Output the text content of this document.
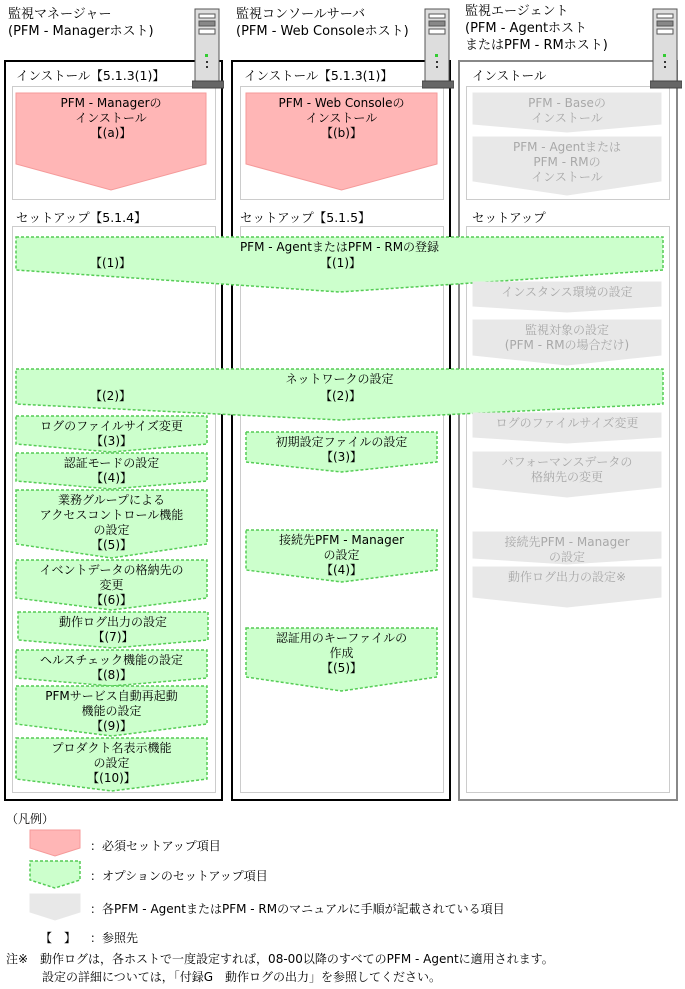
監視マネージャー
(PFM - Managerホスト)
監視コンソールサーバ
(PFM - Web Consoleホスト)
監視エージェント
(PFM - Agentホスト
またはPFM - RMホスト)
インストール【5.1.3(1)】	インストール【5.1.3(1)】	インストール
セットアップ【5.1.4】	セットアップ【5.1.5】	セットアップ
PFM - Managerの
インストール
【(a)】
PFM - Web Consoleの
インストール
【(b)】
PFM - Baseの
インストール
PFM - Agentまたは
PFM - RMの
インストール
PFM - AgentまたはPFM - RMの登録
インスタンス環境の設定
監視対象の設定
(PFM - RMの場合だけ)
ネットワークの設定
ログのファイルサイズ変更
【(3)】
認証モードの設定
【(4)】
業務グループによる
アクセスコントロール機能
の設定
【(5)】
イベントデータの格納先の
変更
【(6)】
動作ログ出力の設定
【(7)】
ヘルスチェック機能の設定
【(8)】
PFMサービス自動再起動
機能の設定
【(9)】
プロダクト名表示機能
の設定
【(10)】
初期設定ファイルの設定
【(3)】
接続先PFM - Manager
の設定
【(4)】
認証用のキーファイルの
作成
【(5)】
ログのファイルサイズ変更
パフォーマンスデータの
格納先の変更
接続先PFM - Manager
の設定
動作ログ出力の設定※
【(1)】	【(1)】
【(2)】	【(2)】
（凡例）
：必須セットアップ項目
：オプションのセットアップ項目
：各PFM - AgentまたはPFM - RMのマニュアルに手順が記載されている項目
【　】 ：参照先
注※　動作ログは，各ホストで一度設定すれば，08-00以降のすべてのPFM - Agentに適用されます。
　　　設定の詳細については，「付録G　動作ログの出力」を参照してください。
